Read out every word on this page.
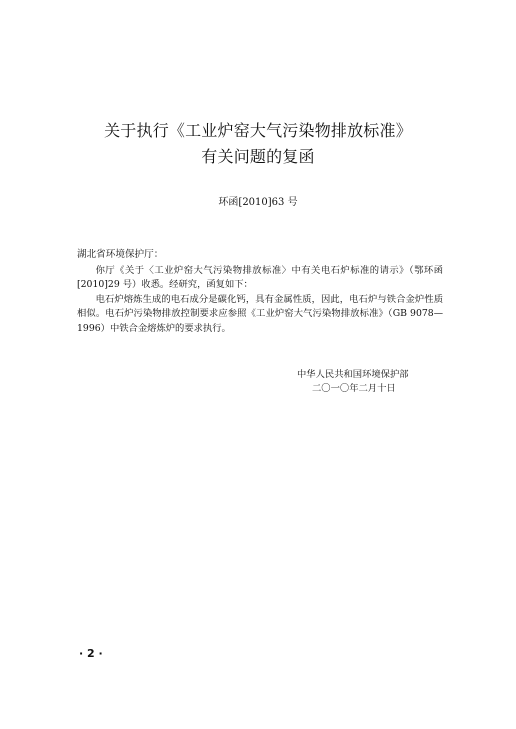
关于执行《工业炉窑大气污染物排放标准》
有关问题的复函
环函[2010]63 号

湖北省环境保护厅：

你厅《关于〈工业炉窑大气污染物排放标准〉中有关电石炉标准的请示》（鄂环函[2010]29 号）收悉。经研究，函复如下：

电石炉熔炼生成的电石成分是碳化钙，具有金属性质，因此，电石炉与铁合金炉性质相似。电石炉污染物排放控制要求应参照《工业炉窑大气污染物排放标准》（GB 9078—1996）中铁合金熔炼炉的要求执行。

中华人民共和国环境保护部
二〇一〇年二月十日
· 2 ·
